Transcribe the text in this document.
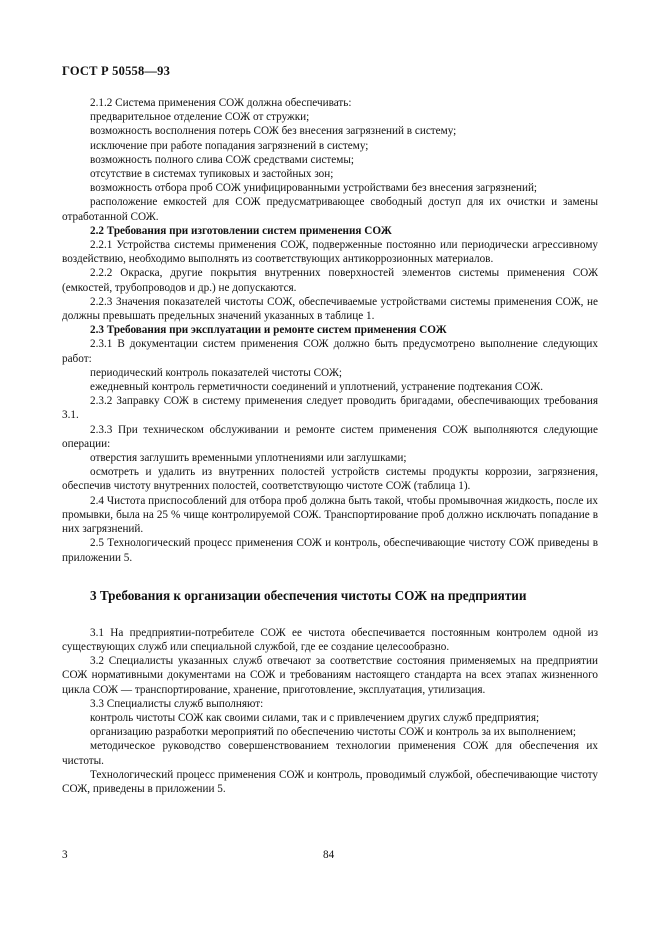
ГОСТ Р 50558—93

2.1.2 Система применения СОЖ должна обеспечивать:

предварительное отделение СОЖ от стружки;

возможность восполнения потерь СОЖ без внесения загрязнений в систему;

исключение при работе попадания загрязнений в систему;

возможность полного слива СОЖ средствами системы;

отсутствие в системах тупиковых и застойных зон;

возможность отбора проб СОЖ унифицированными устройствами без внесения загрязнений;

расположение емкостей для СОЖ предусматривающее свободный доступ для их очистки и замены отработанной СОЖ.

2.2 Требования при изготовлении систем применения СОЖ

2.2.1 Устройства системы применения СОЖ, подверженные постоянно или периодически агрессивному воздействию, необходимо выполнять из соответствующих антикоррозионных материалов.

2.2.2 Окраска, другие покрытия внутренних поверхностей элементов системы применения СОЖ (емкостей, трубопроводов и др.) не допускаются.

2.2.3 Значения показателей чистоты СОЖ, обеспечиваемые устройствами системы применения СОЖ, не должны превышать предельных значений указанных в таблице 1.

2.3 Требования при эксплуатации и ремонте систем применения СОЖ

2.3.1 В документации систем применения СОЖ должно быть предусмотрено выполнение следующих работ:

периодический контроль показателей чистоты СОЖ;

ежедневный контроль герметичности соединений и уплотнений, устранение подтекания СОЖ.

2.3.2 Заправку СОЖ в систему применения следует проводить бригадами, обеспечивающих требования 3.1.

2.3.3 При техническом обслуживании и ремонте систем применения СОЖ выполняются следующие операции:

отверстия заглушить временными уплотнениями или заглушками;

осмотреть и удалить из внутренних полостей устройств системы продукты коррозии, загрязнения, обеспечив чистоту внутренних полостей, соответствующю чистоте СОЖ (таблица 1).

2.4 Чистота приспособлений для отбора проб должна быть такой, чтобы промывочная жидкость, после их промывки, была на 25 % чище контролируемой СОЖ. Транспортирование проб должно исключать попадание в них загрязнений.

2.5 Технологический процесс применения СОЖ и контроль, обеспечивающие чистоту СОЖ приведены в приложении 5.

3 Требования к организации обеспечения чистоты СОЖ на предприятии

3.1 На предприятии-потребителе СОЖ ее чистота обеспечивается постоянным контролем одной из существующих служб или специальной службой, где ее создание целесообразно.

3.2 Специалисты указанных служб отвечают за соответствие состояния применяемых на предприятии СОЖ нормативными документами на СОЖ и требованиям настоящего стандарта на всех этапах жизненного цикла СОЖ — транспортирование, хранение, приготовление, эксплуатация, утилизация.

3.3 Специалисты служб выполняют:

контроль чистоты СОЖ как своими силами, так и с привлечением других служб предприятия;

организацию разработки мероприятий по обеспечению чистоты СОЖ и контроль за их выполнением;

методическое руководство совершенствованием технологии применения СОЖ для обеспечения их чистоты.

Технологический процесс применения СОЖ и контроль, проводимый службой, обеспечивающие чистоту СОЖ, приведены в приложении 5.

3	84
